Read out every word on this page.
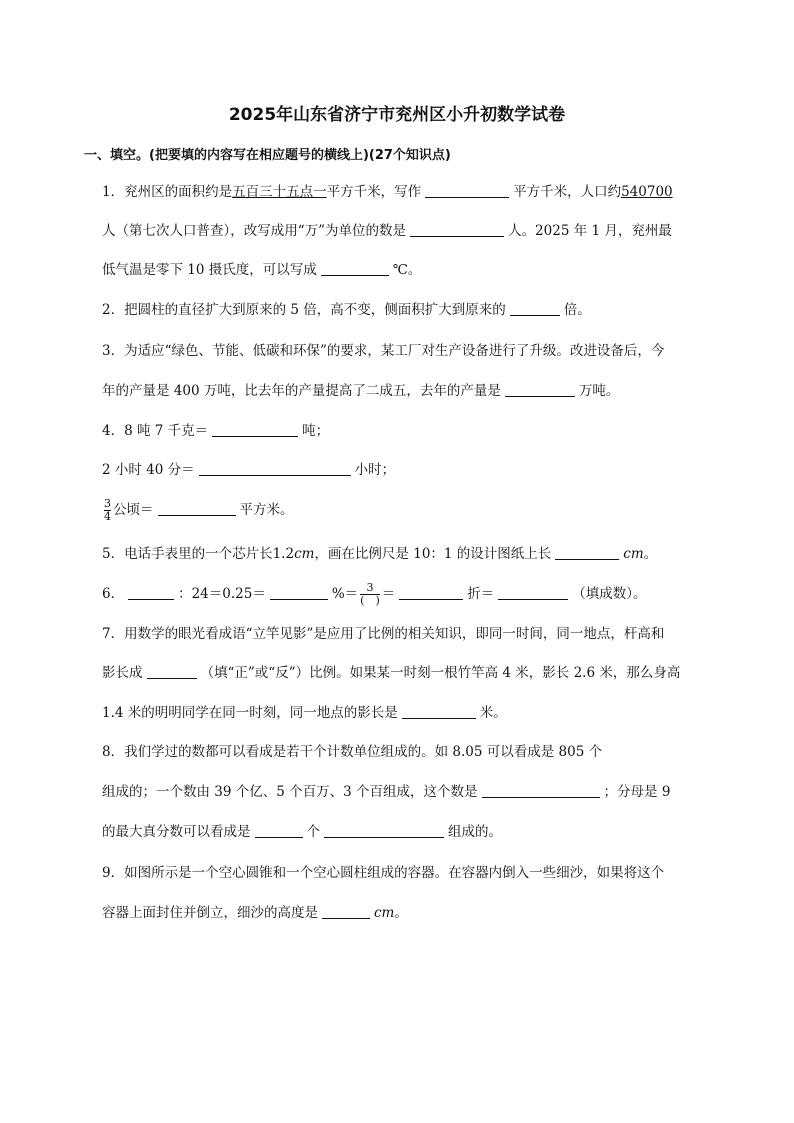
2025年山东省济宁市兖州区小升初数学试卷
一、填空。(把要填的内容写在相应题号的横线上)(27个知识点)
1．兖州区的面积约是五百三十五点一平方千米，写作	平方千米，人口约540700
人（第七次人口普查），改写成用“万”为单位的数是	人。2025 年 1 月，兖州最
低气温是零下 10 摄氏度，可以写成	℃。
2．把圆柱的直径扩大到原来的 5 倍，高不变，侧面积扩大到原来的	倍。
3．为适应“绿色、节能、低碳和环保”的要求，某工厂对生产设备进行了升级。改进设备后，今
年的产量是 400 万吨，比去年的产量提高了二成五，去年的产量是	万吨。
4．8 吨 7 千克＝	吨；
2 小时 40 分＝	小时；
$\frac{3}{4}$ 公顷＝	平方米。
5．电话手表里的一个芯片长1.2cm，画在比例尺是 10：1 的设计图纸上长	cm。
6．	：24＝0.25＝	%＝ $\frac{3}{( )}$ ＝	折＝	（填成数）。
7．用数学的眼光看成语“立竿见影”是应用了比例的相关知识，即同一时间，同一地点，杆高和
影长成	（填“正”或“反”）比例。如果某一时刻一根竹竿高 4 米，影长 2.6 米，那么身高
1.4 米的明明同学在同一时刻，同一地点的影长是	米。
8．我们学过的数都可以看成是若干个计数单位组成的。如 8.05 可以看成是 805 个
组成的；一个数由 39 个亿、5 个百万、3 个百组成，这个数是	；分母是 9
的最大真分数可以看成是	个	组成的。
9．如图所示是一个空心圆锥和一个空心圆柱组成的容器。在容器内倒入一些细沙，如果将这个
容器上面封住并倒立，细沙的高度是	cm。
